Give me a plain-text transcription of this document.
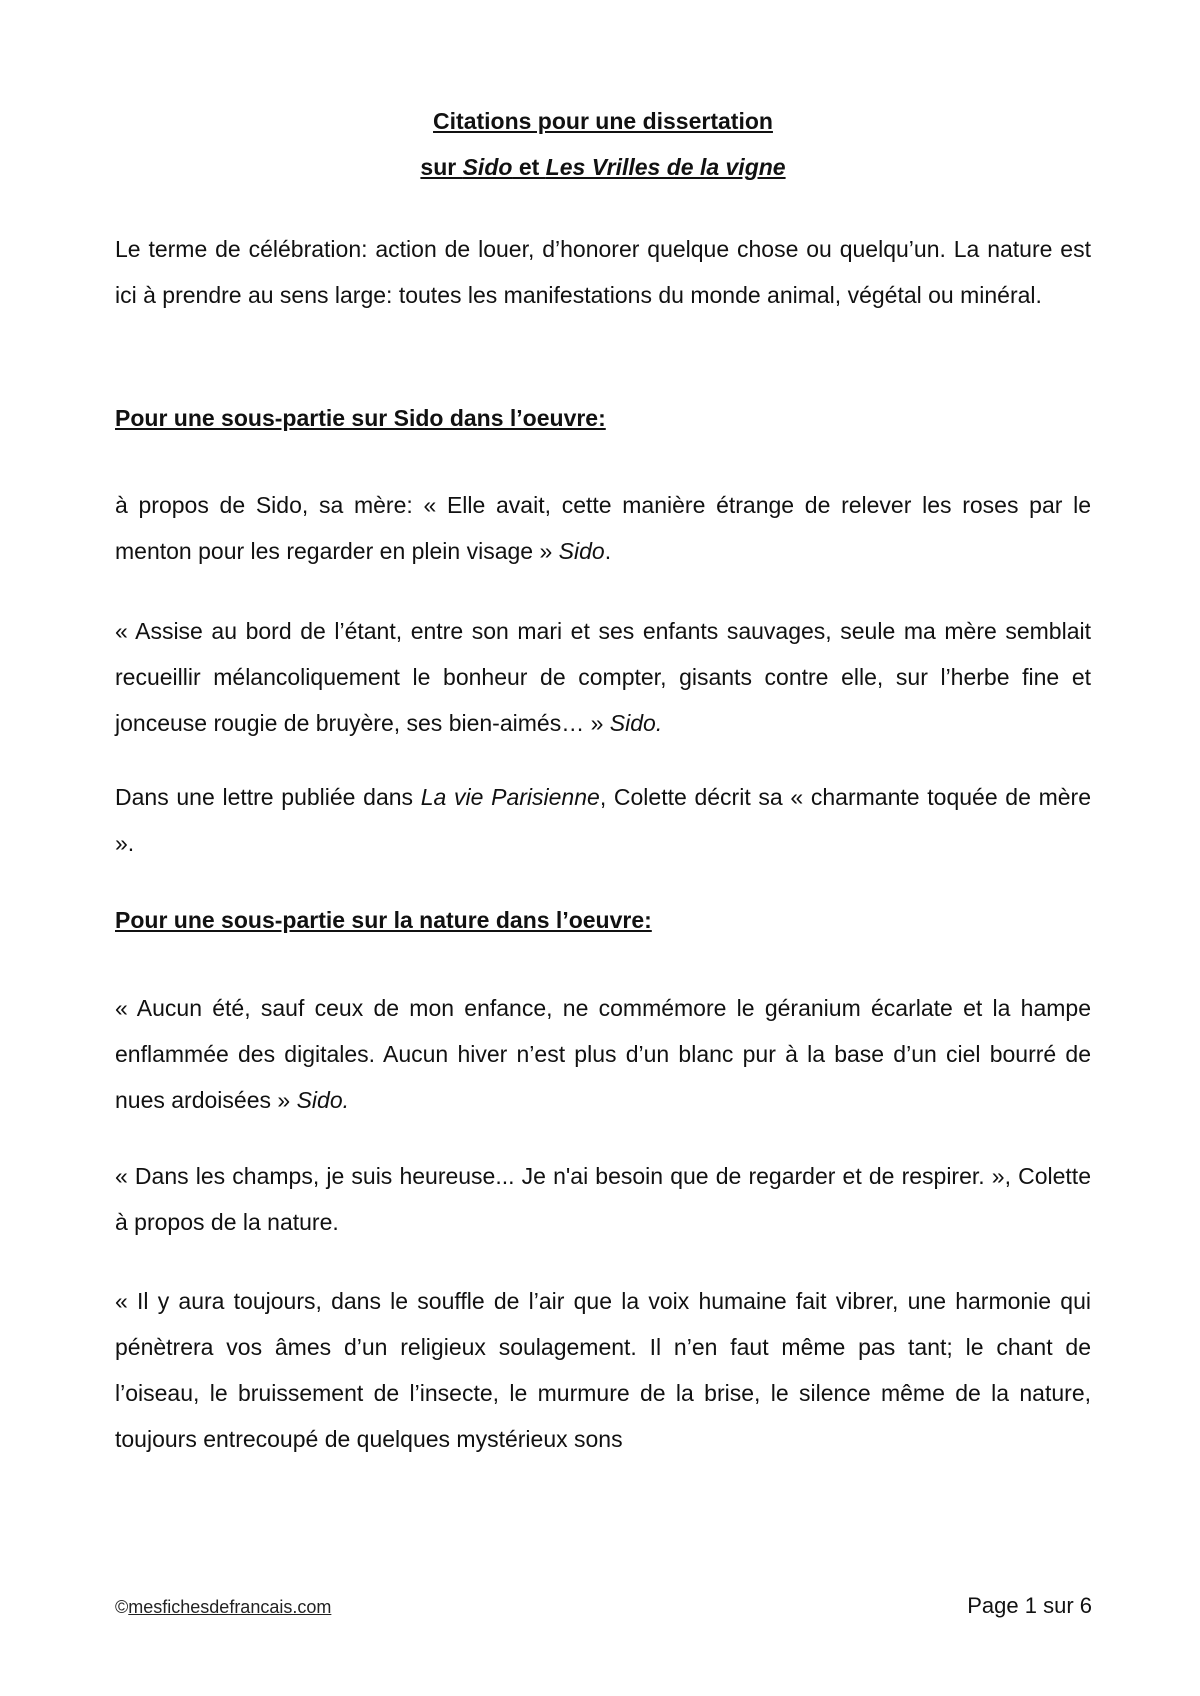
Citations pour une dissertation
sur Sido et Les Vrilles de la vigne

Le terme de célébration: action de louer, d’honorer quelque chose ou quelqu’un. La nature est ici à prendre au sens large: toutes les manifestations du monde animal, végétal ou minéral.

Pour une sous-partie sur Sido dans l’oeuvre:

à propos de Sido, sa mère: « Elle avait, cette manière étrange de relever les roses par le menton pour les regarder en plein visage » Sido.

« Assise au bord de l’étant, entre son mari et ses enfants sauvages, seule ma mère semblait recueillir mélancoliquement le bonheur de compter, gisants contre elle, sur l’herbe fine et joncеuse rougie de bruyère, ses bien-aimés… » Sido.

Dans une lettre publiée dans La vie Parisienne, Colette décrit sa « charmante toquée de mère ».

Pour une sous-partie sur la nature dans l’oeuvre:

« Aucun été, sauf ceux de mon enfance, ne commémore le géranium écarlate et la hampe enflammée des digitales. Aucun hiver n’est plus d’un blanc pur à la base d’un ciel bourré de nues ardoisées » Sido.

« Dans les champs, je suis heureuse... Je n'ai besoin que de regarder et de respirer. », Colette à propos de la nature.

« Il y aura toujours, dans le souffle de l’air que la voix humaine fait vibrer, une harmonie qui pénètrera vos âmes d’un religieux soulagement. Il n’en faut même pas tant; le chant de l’oiseau, le bruissement de l’insecte, le murmure de la brise, le silence même de la nature, toujours entrecoupé de quelques mystérieux sons

©mesfichesdefrancais.com	Page 1 sur 6
